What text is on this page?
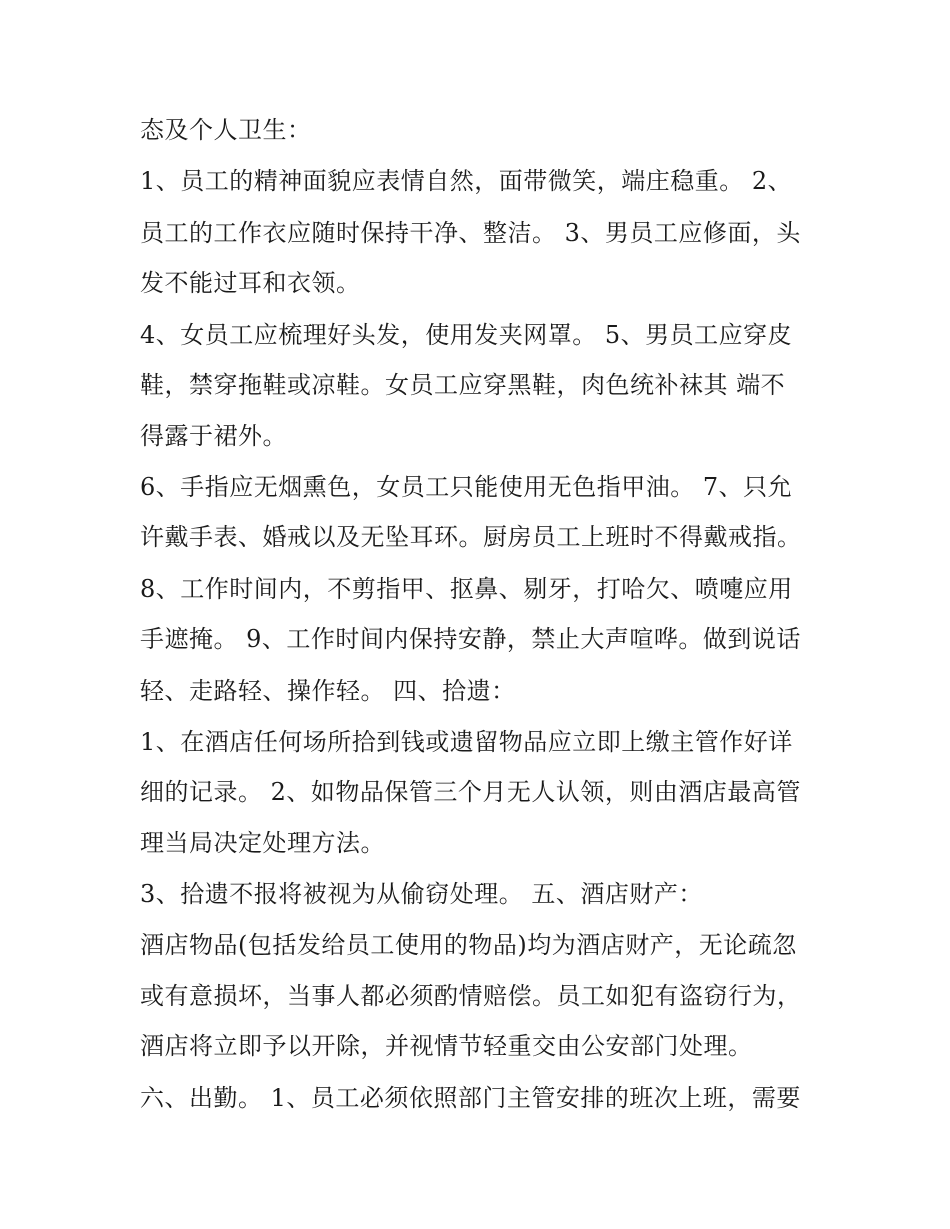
态及个人卫生：
1、员工的精神面貌应表情自然，面带微笑，端庄稳重。 2、
员工的工作衣应随时保持干净、整洁。 3、男员工应修面，头
发不能过耳和衣领。
4、女员工应梳理好头发，使用发夹网罩。 5、男员工应穿皮
鞋，禁穿拖鞋或凉鞋。女员工应穿黑鞋，肉色统补袜其 端不
得露于裙外。
6、手指应无烟熏色，女员工只能使用无色指甲油。 7、只允
许戴手表、婚戒以及无坠耳环。厨房员工上班时不得戴戒指。
8、工作时间内，不剪指甲、抠鼻、剔牙，打哈欠、喷嚏应用
手遮掩。 9、工作时间内保持安静，禁止大声喧哗。做到说话
轻、走路轻、操作轻。 四、拾遗：
1、在酒店任何场所拾到钱或遗留物品应立即上缴主管作好详
细的记录。 2、如物品保管三个月无人认领，则由酒店最高管
理当局决定处理方法。
3、拾遗不报将被视为从偷窃处理。 五、酒店财产：
酒店物品(包括发给员工使用的物品)均为酒店财产，无论疏忽
或有意损坏，当事人都必须酌情赔偿。员工如犯有盗窃行为，
酒店将立即予以开除，并视情节轻重交由公安部门处理。
六、出勤。 1、员工必须依照部门主管安排的班次上班，需要
